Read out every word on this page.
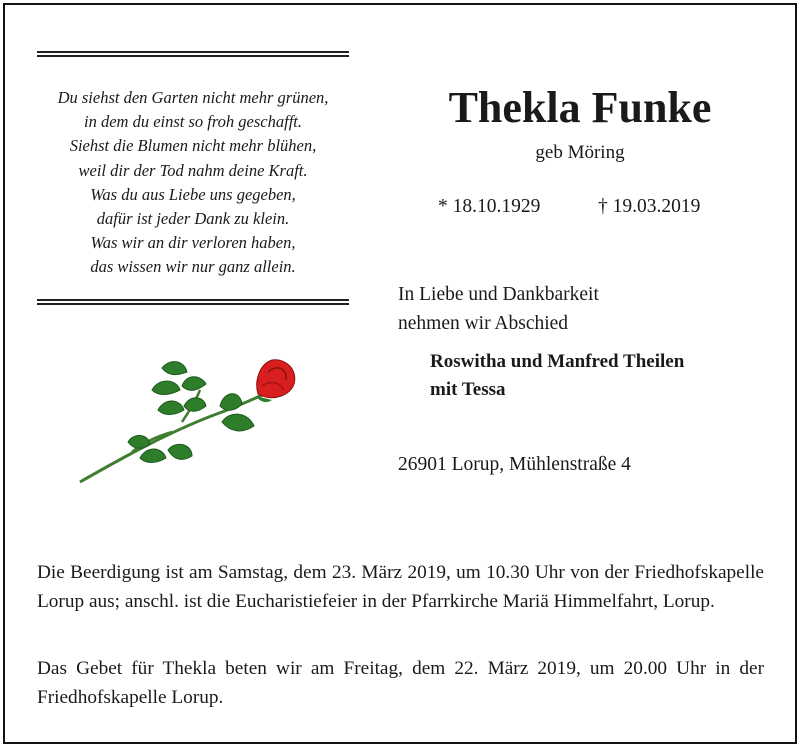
Du siehst den Garten nicht mehr grünen,
in dem du einst so froh geschafft.
Siehst die Blumen nicht mehr blühen,
weil dir der Tod nahm deine Kraft.
Was du aus Liebe uns gegeben,
dafür ist jeder Dank zu klein.
Was wir an dir verloren haben,
das wissen wir nur ganz allein.
Thekla Funke
geb Möring
* 18.10.1929	† 19.03.2019
In Liebe und Dankbarkeit
nehmen wir Abschied
Roswitha und Manfred Theilen
mit Tessa
26901 Lorup, Mühlenstraße 4
Die Beerdigung ist am Samstag, dem 23. März 2019, um 10.30 Uhr von der Friedhofskapelle Lorup aus; anschl. ist die Eucharistiefeier in der Pfarrkirche Mariä Himmelfahrt, Lorup.
Das Gebet für Thekla beten wir am Freitag, dem 22. März 2019, um 20.00 Uhr in der Friedhofskapelle Lorup.
